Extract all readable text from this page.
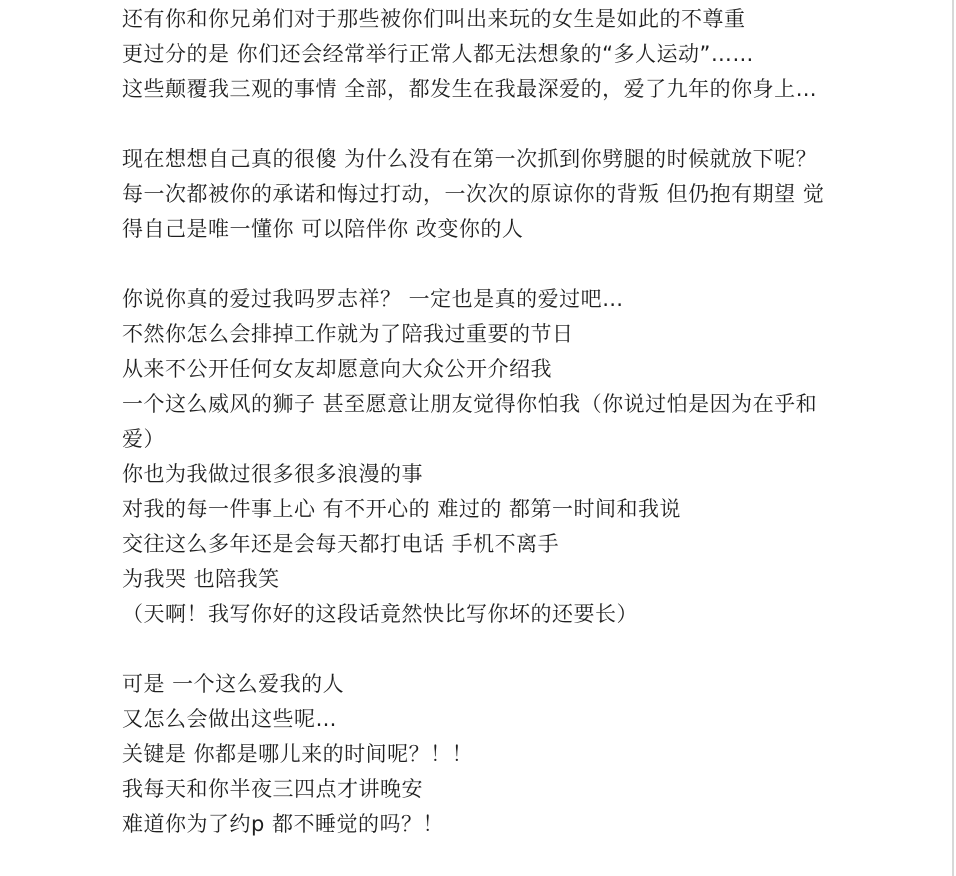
还有你和你兄弟们对于那些被你们叫出来玩的女生是如此的不尊重
更过分的是 你们还会经常举行正常人都无法想象的“多人运动”……
这些颠覆我三观的事情 全部，都发生在我最深爱的，爱了九年的你身上…
现在想想自己真的很傻 为什么没有在第一次抓到你劈腿的时候就放下呢？
每一次都被你的承诺和悔过打动，一次次的原谅你的背叛 但仍抱有期望 觉
得自己是唯一懂你 可以陪伴你 改变你的人
你说你真的爱过我吗罗志祥？ 一定也是真的爱过吧…
不然你怎么会排掉工作就为了陪我过重要的节日
从来不公开任何女友却愿意向大众公开介绍我
一个这么威风的狮子 甚至愿意让朋友觉得你怕我（你说过怕是因为在乎和
爱）
你也为我做过很多很多浪漫的事
对我的每一件事上心 有不开心的 难过的 都第一时间和我说
交往这么多年还是会每天都打电话 手机不离手
为我哭 也陪我笑
（天啊！我写你好的这段话竟然快比写你坏的还要长）
可是 一个这么爱我的人
又怎么会做出这些呢…
关键是 你都是哪儿来的时间呢？！！
我每天和你半夜三四点才讲晚安
难道你为了约p 都不睡觉的吗？！
